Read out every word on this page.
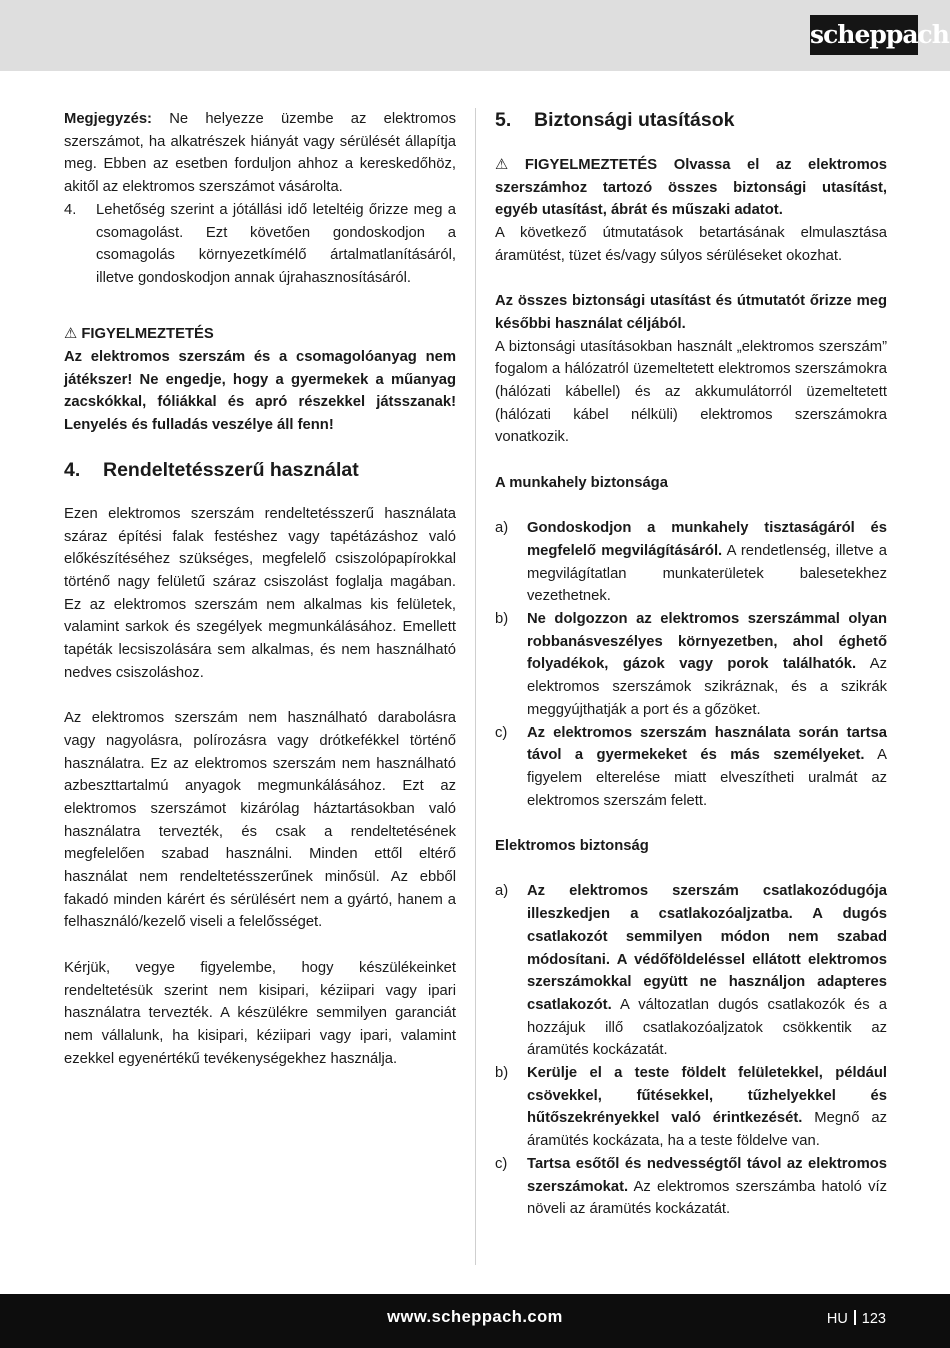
scheppach

Megjegyzés: Ne helyezze üzembe az elektromos szerszámot, ha alkatrészek hiányát vagy sérülését állapítja meg. Ebben az esetben forduljon ahhoz a kereskedőhöz, akitől az elektromos szerszámot vásárolta.

4.	Lehetőség szerint a jótállási idő leteltéig őrizze meg a csomagolást. Ezt követően gondoskodjon a csomagolás környezetkímélő ártalmatlanításáról, illetve gondoskodjon annak újrahasznosításáról.
⚠ FIGYELMEZTETÉS

Az elektromos szerszám és a csomagolóanyag nem játékszer! Ne engedje, hogy a gyermekek a műanyag zacskókkal, fóliákkal és apró részekkel játsszanak! Lenyelés és fulladás veszélye áll fenn!

4. Rendeltetésszerű használat

Ezen elektromos szerszám rendeltetésszerű használata száraz építési falak festéshez vagy tapétázáshoz való előkészítéséhez szükséges, megfelelő csiszolópapírokkal történő nagy felületű száraz csiszolást foglalja magában. Ez az elektromos szerszám nem alkalmas kis felületek, valamint sarkok és szegélyek megmunkálásához. Emellett tapéták lecsiszolására sem alkalmas, és nem használható nedves csiszoláshoz.

Az elektromos szerszám nem használható darabolásra vagy nagyolásra, polírozásra vagy drótkefékkel történő használatra. Ez az elektromos szerszám nem használható azbeszttartalmú anyagok megmunkálásához. Ezt az elektromos szerszámot kizárólag háztartásokban való használatra tervezték, és csak a rendeltetésének megfelelően szabad használni. Minden ettől eltérő használat nem rendeltetésszerűnek minősül. Az ebből fakadó minden kárért és sérülésért nem a gyártó, hanem a felhasználó/kezelő viseli a felelősséget.

Kérjük, vegye figyelembe, hogy készülékeinket rendeltetésük szerint nem kisipari, kéziipari vagy ipari használatra tervezték. A készülékre semmilyen garanciát nem vállalunk, ha kisipari, kéziipari vagy ipari, valamint ezekkel egyenértékű tevékenységekhez használja.

5. Biztonsági utasítások

⚠ FIGYELMEZTETÉS Olvassa el az elektromos szerszámhoz tartozó összes biztonsági utasítást, egyéb utasítást, ábrát és műszaki adatot.

A következő útmutatások betartásának elmulasztása áramütést, tüzet és/vagy súlyos sérüléseket okozhat.

Az összes biztonsági utasítást és útmutatót őrizze meg későbbi használat céljából.

A biztonsági utasításokban használt „elektromos szerszám” fogalom a hálózatról üzemeltetett elektromos szerszámokra (hálózati kábellel) és az akkumulátorról üzemeltetett (hálózati kábel nélküli) elektromos szerszámokra vonatkozik.

A munkahely biztonsága
a)	Gondoskodjon a munkahely tisztaságáról és megfelelő megvilágításáról. A rendetlenség, illetve a megvilágítatlan munkaterületek balesetekhez vezethetnek.
b)	Ne dolgozzon az elektromos szerszámmal olyan robbanásveszélyes környezetben, ahol éghető folyadékok, gázok vagy porok találhatók. Az elektromos szerszámok szikráznak, és a szikrák meggyújthatják a port és a gőzöket.
c)	Az elektromos szerszám használata során tartsa távol a gyermekeket és más személyeket. A figyelem elterelése miatt elveszítheti uralmát az elektromos szerszám felett.
Elektromos biztonság
a)	Az elektromos szerszám csatlakozódugója illeszkedjen a csatlakozóaljzatba. A dugós csatlakozót semmilyen módon nem szabad módosítani. A védőföldeléssel ellátott elektromos szerszámokkal együtt ne használjon adapteres csatlakozót. A változatlan dugós csatlakozók és a hozzájuk illő csatlakozóaljzatok csökkentik az áramütés kockázatát.
b)	Kerülje el a teste földelt felületekkel, például csövekkel, fűtésekkel, tűzhelyekkel és hűtőszekrényekkel való érintkezését. Megnő az áramütés kockázata, ha a teste földelve van.
c)	Tartsa esőtől és nedvességtől távol az elektromos szerszámokat. Az elektromos szerszámba hatoló víz növeli az áramütés kockázatát.
www.scheppach.com	HU 123
